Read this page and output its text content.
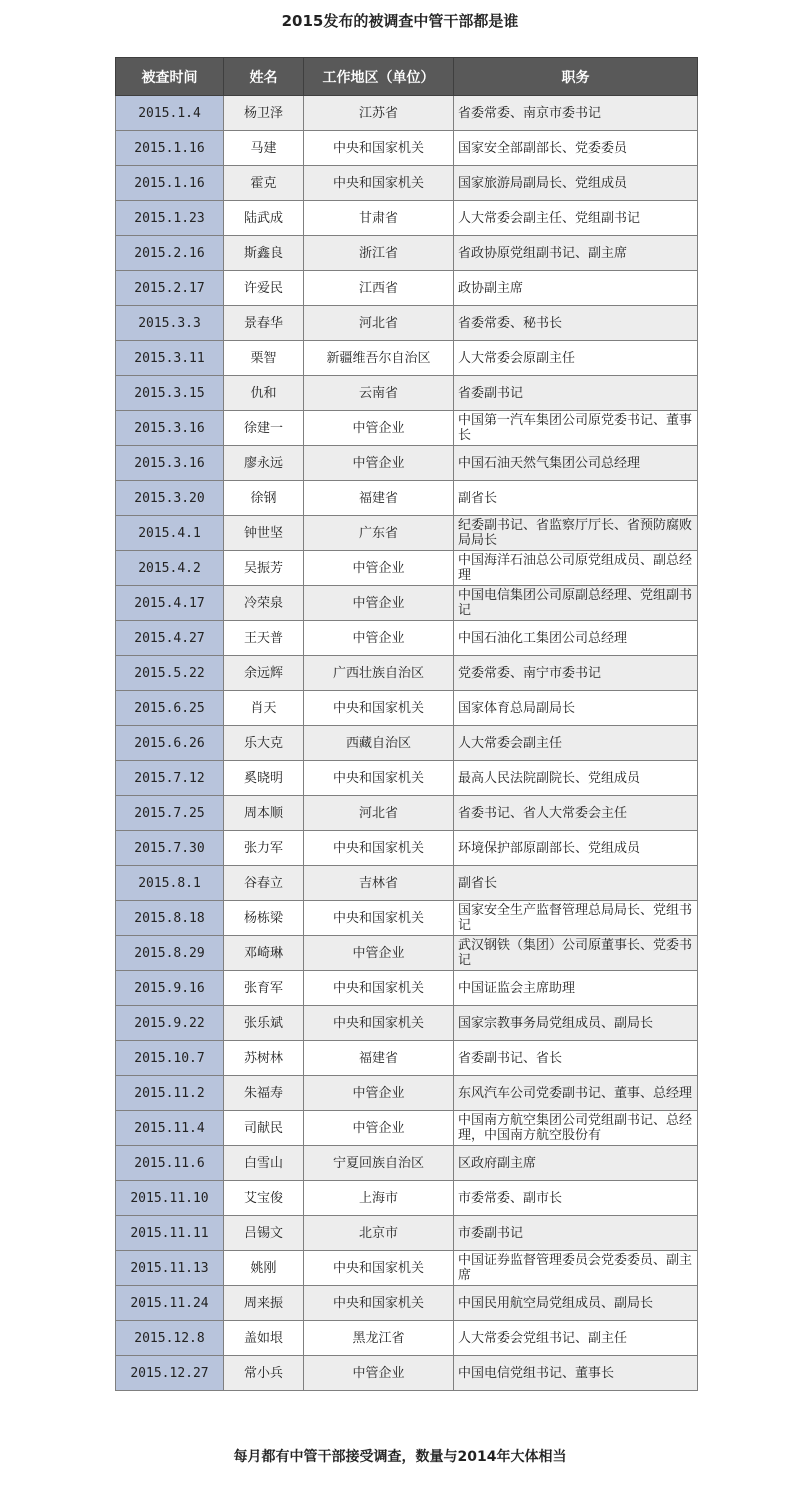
2015发布的被调查中管干部都是谁
被查时间	姓名	工作地区（单位）	职务
2015.1.4	杨卫泽	江苏省	省委常委、南京市委书记
2015.1.16	马建	中央和国家机关	国家安全部副部长、党委委员
2015.1.16	霍克	中央和国家机关	国家旅游局副局长、党组成员
2015.1.23	陆武成	甘肃省	人大常委会副主任、党组副书记
2015.2.16	斯鑫良	浙江省	省政协原党组副书记、副主席
2015.2.17	许爱民	江西省	政协副主席
2015.3.3	景春华	河北省	省委常委、秘书长
2015.3.11	栗智	新疆维吾尔自治区	人大常委会原副主任
2015.3.15	仇和	云南省	省委副书记
2015.3.16	徐建一	中管企业	中国第一汽车集团公司原党委书记、董事长
2015.3.16	廖永远	中管企业	中国石油天然气集团公司总经理
2015.3.20	徐钢	福建省	副省长
2015.4.1	钟世坚	广东省	纪委副书记、省监察厅厅长、省预防腐败局局长
2015.4.2	吴振芳	中管企业	中国海洋石油总公司原党组成员、副总经理
2015.4.17	冷荣泉	中管企业	中国电信集团公司原副总经理、党组副书记
2015.4.27	王天普	中管企业	中国石油化工集团公司总经理
2015.5.22	余远辉	广西壮族自治区	党委常委、南宁市委书记
2015.6.25	肖天	中央和国家机关	国家体育总局副局长
2015.6.26	乐大克	西藏自治区	人大常委会副主任
2015.7.12	奚晓明	中央和国家机关	最高人民法院副院长、党组成员
2015.7.25	周本顺	河北省	省委书记、省人大常委会主任
2015.7.30	张力军	中央和国家机关	环境保护部原副部长、党组成员
2015.8.1	谷春立	吉林省	副省长
2015.8.18	杨栋梁	中央和国家机关	国家安全生产监督管理总局局长、党组书记
2015.8.29	邓崎琳	中管企业	武汉钢铁（集团）公司原董事长、党委书记
2015.9.16	张育军	中央和国家机关	中国证监会主席助理
2015.9.22	张乐斌	中央和国家机关	国家宗教事务局党组成员、副局长
2015.10.7	苏树林	福建省	省委副书记、省长
2015.11.2	朱福寿	中管企业	东风汽车公司党委副书记、董事、总经理
2015.11.4	司献民	中管企业	中国南方航空集团公司党组副书记、总经理，中国南方航空股份有
2015.11.6	白雪山	宁夏回族自治区	区政府副主席
2015.11.10	艾宝俊	上海市	市委常委、副市长
2015.11.11	吕锡文	北京市	市委副书记
2015.11.13	姚刚	中央和国家机关	中国证券监督管理委员会党委委员、副主席
2015.11.24	周来振	中央和国家机关	中国民用航空局党组成员、副局长
2015.12.8	盖如垠	黑龙江省	人大常委会党组书记、副主任
2015.12.27	常小兵	中管企业	中国电信党组书记、董事长
每月都有中管干部接受调查，数量与2014年大体相当
